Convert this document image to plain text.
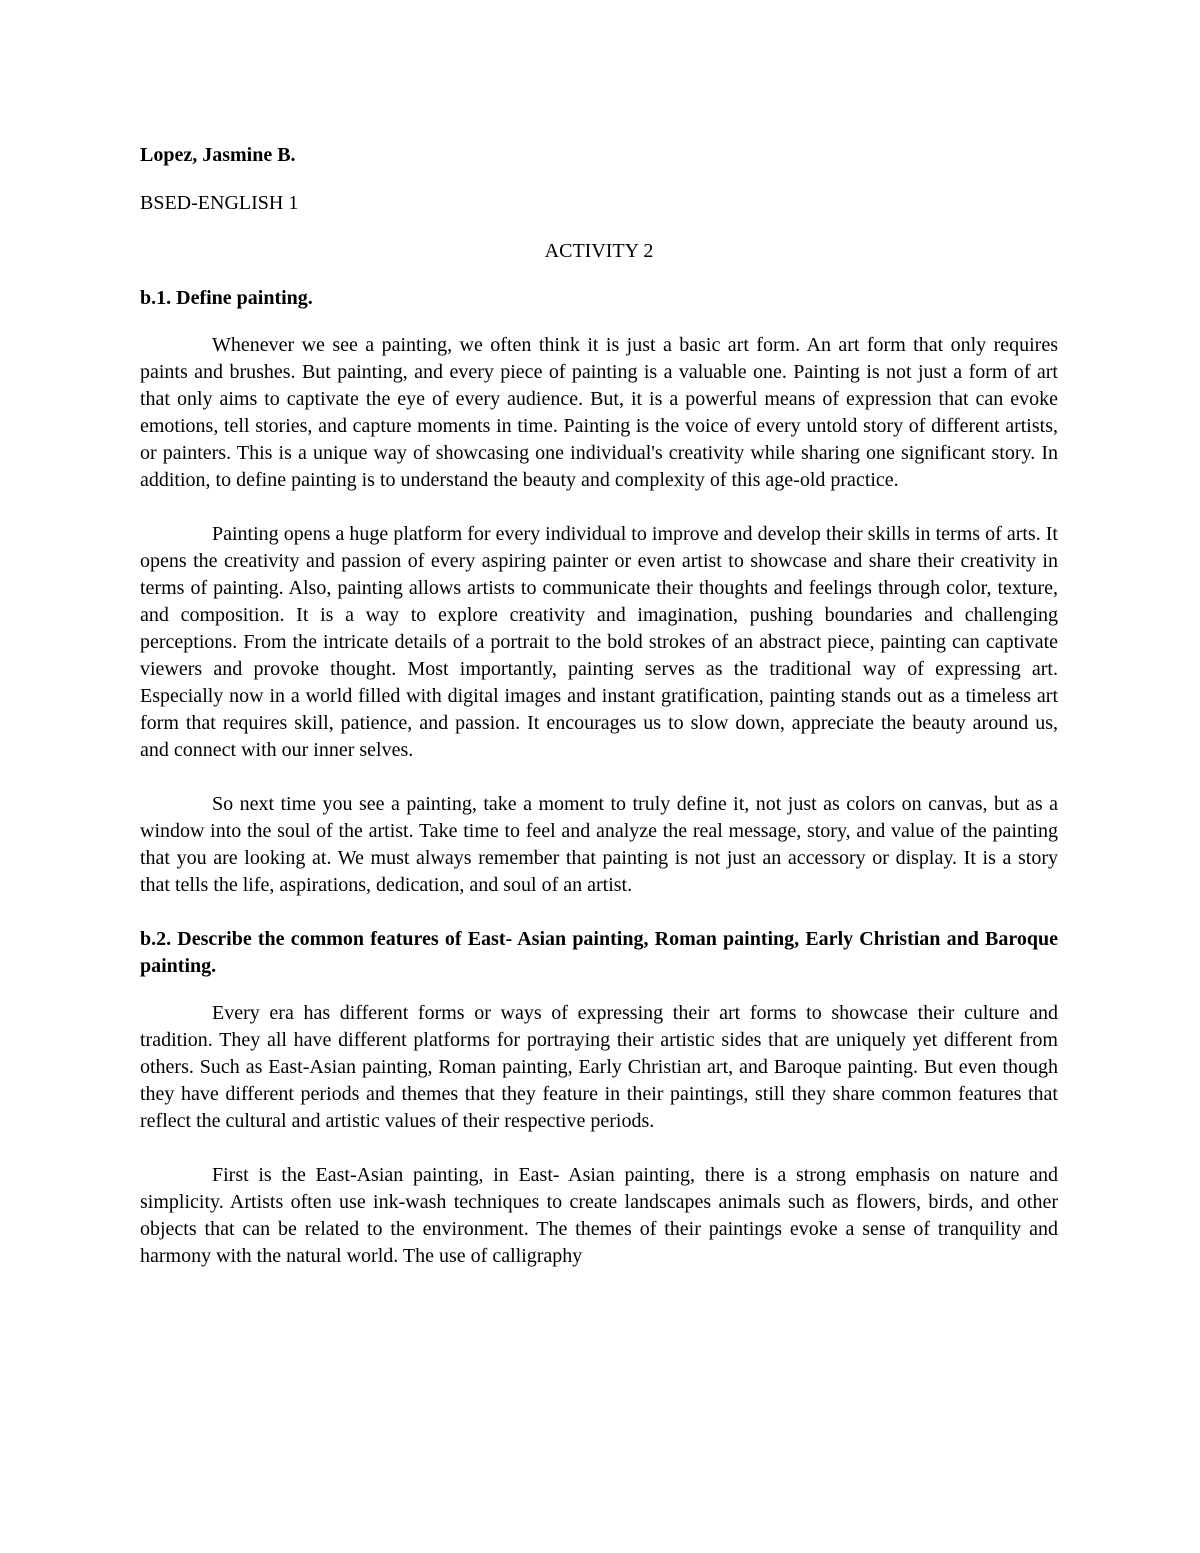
Lopez, Jasmine B.

BSED-ENGLISH 1

ACTIVITY 2

b.1. Define painting.

Whenever we see a painting, we often think it is just a basic art form. An art form that only requires paints and brushes. But painting, and every piece of painting is a valuable one. Painting is not just a form of art that only aims to captivate the eye of every audience. But, it is a powerful means of expression that can evoke emotions, tell stories, and capture moments in time. Painting is the voice of every untold story of different artists, or painters. This is a unique way of showcasing one individual's creativity while sharing one significant story. In addition, to define painting is to understand the beauty and complexity of this age-old practice.

Painting opens a huge platform for every individual to improve and develop their skills in terms of arts. It opens the creativity and passion of every aspiring painter or even artist to showcase and share their creativity in terms of painting. Also, painting allows artists to communicate their thoughts and feelings through color, texture, and composition. It is a way to explore creativity and imagination, pushing boundaries and challenging perceptions. From the intricate details of a portrait to the bold strokes of an abstract piece, painting can captivate viewers and provoke thought. Most importantly, painting serves as the traditional way of expressing art. Especially now in a world filled with digital images and instant gratification, painting stands out as a timeless art form that requires skill, patience, and passion. It encourages us to slow down, appreciate the beauty around us, and connect with our inner selves.

So next time you see a painting, take a moment to truly define it, not just as colors on canvas, but as a window into the soul of the artist. Take time to feel and analyze the real message, story, and value of the painting that you are looking at. We must always remember that painting is not just an accessory or display. It is a story that tells the life, aspirations, dedication, and soul of an artist.

b.2. Describe the common features of East- Asian painting, Roman painting, Early Christian and Baroque painting.

Every era has different forms or ways of expressing their art forms to showcase their culture and tradition. They all have different platforms for portraying their artistic sides that are uniquely yet different from others. Such as East-Asian painting, Roman painting, Early Christian art, and Baroque painting. But even though they have different periods and themes that they feature in their paintings, still they share common features that reflect the cultural and artistic values of their respective periods.

First is the East-Asian painting, in East- Asian painting, there is a strong emphasis on nature and simplicity. Artists often use ink-wash techniques to create landscapes animals such as flowers, birds, and other objects that can be related to the environment. The themes of their paintings evoke a sense of tranquility and harmony with the natural world. The use of calligraphy
